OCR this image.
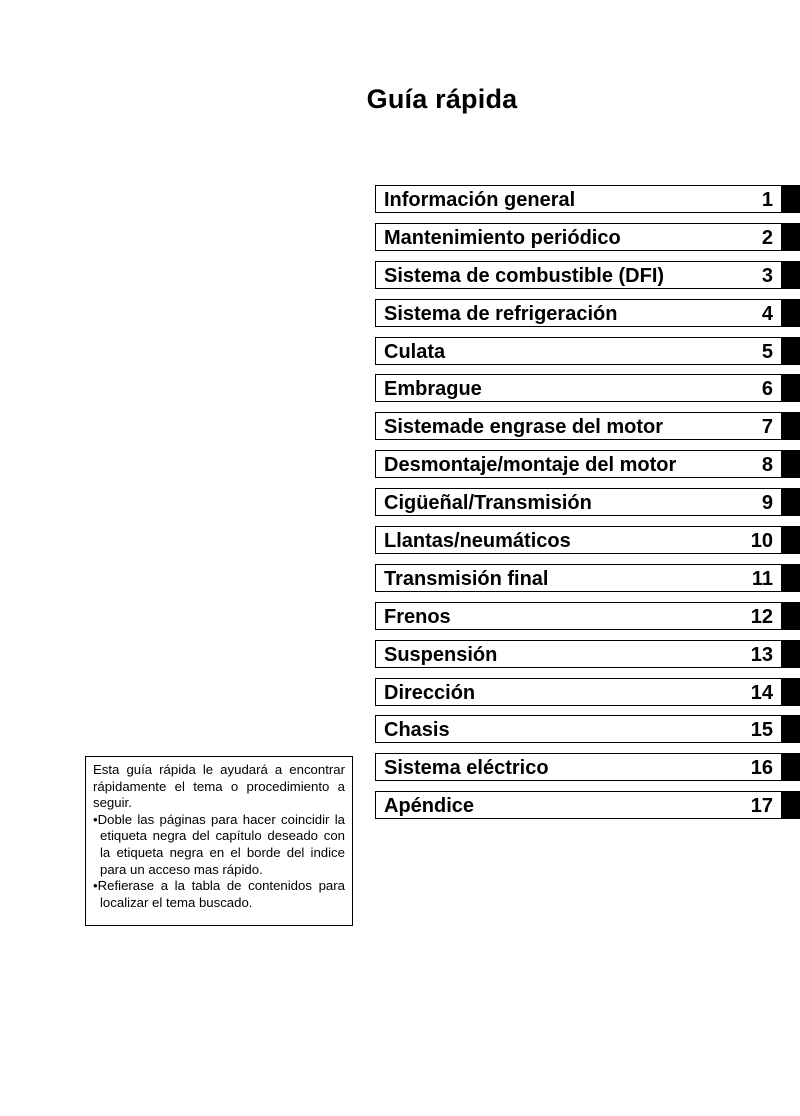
Guía rápida
Información general	1
Mantenimiento periódico	2
Sistema de combustible (DFI)	3
Sistema de refrigeración	4
Culata	5
Embrague	6
Sistemade engrase del motor	7
Desmontaje/montaje del motor	8
Cigüeñal/Transmisión	9
Llantas/neumáticos	10
Transmisión final	11
Frenos	12
Suspensión	13
Dirección	14
Chasis	15
Sistema eléctrico	16
Apéndice	17

Esta guía rápida le ayudará a encontrar rápidamente el tema o procedimiento a seguir.

•Doble las páginas para hacer coincidir la etiqueta negra del capítulo deseado con la etiqueta negra en el borde del indice para un acceso mas rápido.

•Refierase a la tabla de contenidos para localizar el tema buscado.
